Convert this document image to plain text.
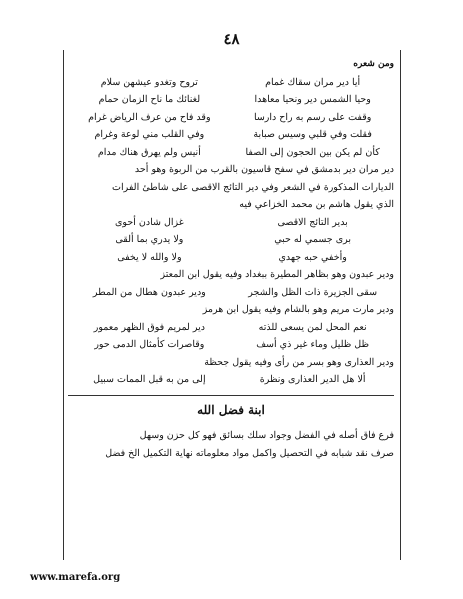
٤٨
ومن شعره
أيا دير مران سقاك غمام
تروح وتغدو عيشهن سلام
وحيا الشمس دير ونحيا معاهدا
لغنائك ما ناح الزمان حمام
وقفت على رسم به راح دارسا
وقد فاح من عرف الرياض غرام
فقلت وفي قلبي وسيس صبابة
وفي القلب مني لوعة وغرام
كأن لم يكن بين الحجون إلى الصفا
أنيس ولم يهرق هناك مدام
دير مران دير بدمشق في سفح قاسيون بالقرب من الربوة وهو أحد
الديارات المذكورة في الشعر وفي دير التائج الاقصى على شاطئ الفرات
الذي يقول هاشم بن محمد الخزاعي فيه
بدير التائج الاقصى
غزال شادن أحوى
برى جسمي له حبي
ولا يدري بما ألقى
وأخفي حبه جهدي
ولا والله لا يخفى
ودير عبدون وهو بظاهر المطيرة ببغداد وفيه يقول ابن المعتز
سقى الجزيرة ذات الظل والشجر
ودير عبدون هطال من المطر
ودير مارت مريم وهو بالشام وفيه يقول ابن هرمز
نعم المحل لمن يسعى للذته
دير لمريم فوق الظهر معمور
ظل ظليل وماء غير ذي أسف
وقاصرات كأمثال الدمى حور
ودير العذارى وهو بسر من رأى وفيه يقول جحظة
ألا هل الدير العذارى ونظرة
إلى من به قبل الممات سبيل
ابنة فضل الله
فرع فاق أصله في الفضل وجواد سلك بسائق فهو كل حزن وسهل
صرف نقد شبابه في التحصيل واكمل مواد معلوماته نهاية التكميل الخ فضل
www.marefa.org
